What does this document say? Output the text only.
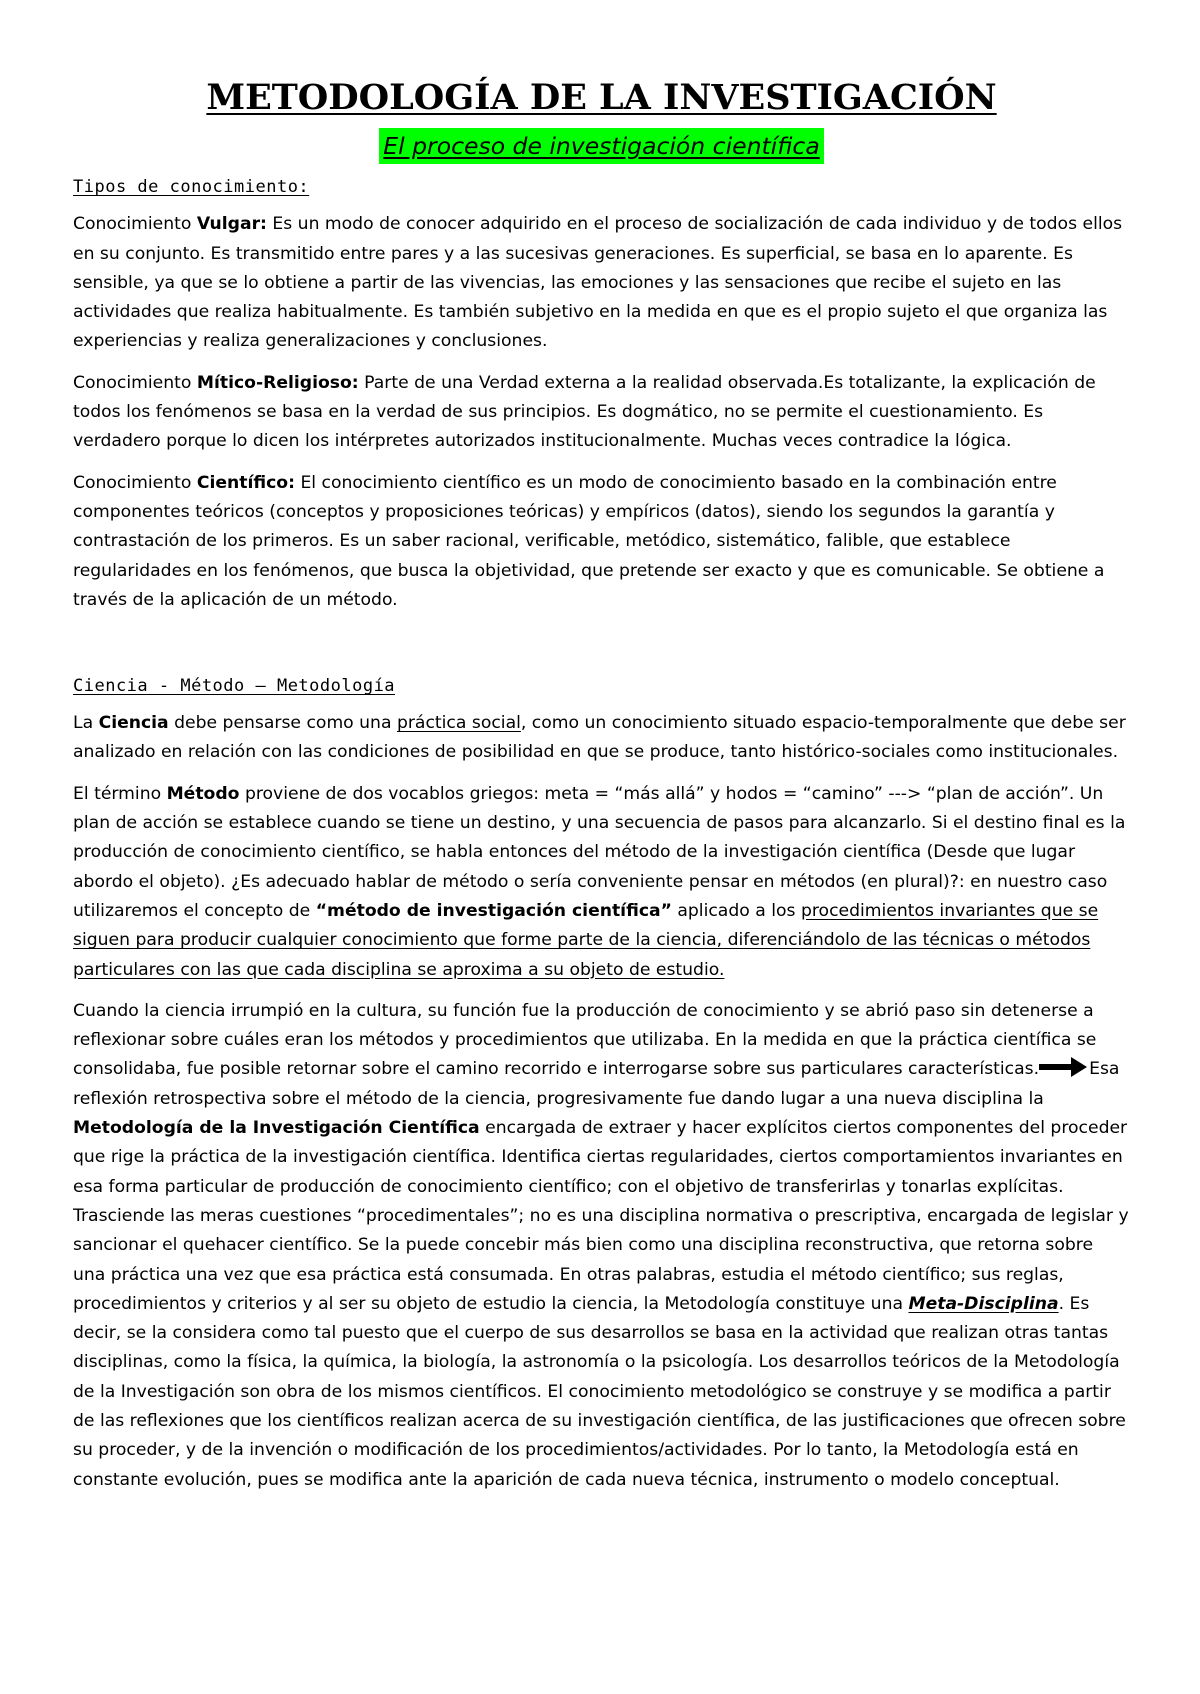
METODOLOGÍA DE LA INVESTIGACIÓN
El proceso de investigación científica
Tipos de conocimiento:

Conocimiento Vulgar: Es un modo de conocer adquirido en el proceso de socialización de cada individuo y de todos ellos en su conjunto. Es transmitido entre pares y a las sucesivas generaciones. Es superficial, se basa en lo aparente. Es sensible, ya que se lo obtiene a partir de las vivencias, las emociones y las sensaciones que recibe el sujeto en las actividades que realiza habitualmente. Es también subjetivo en la medida en que es el propio sujeto el que organiza las experiencias y realiza generalizaciones y conclusiones.

Conocimiento Mítico-Religioso: Parte de una Verdad externa a la realidad observada.Es totalizante, la explicación de todos los fenómenos se basa en la verdad de sus principios. Es dogmático, no se permite el cuestionamiento. Es verdadero porque lo dicen los intérpretes autorizados institucionalmente. Muchas veces contradice la lógica.

Conocimiento Científico: El conocimiento científico es un modo de conocimiento basado en la combinación entre componentes teóricos (conceptos y proposiciones teóricas) y empíricos (datos), siendo los segundos la garantía y contrastación de los primeros. Es un saber racional, verificable, metódico, sistemático, falible, que establece regularidades en los fenómenos, que busca la objetividad, que pretende ser exacto y que es comunicable. Se obtiene a través de la aplicación de un método.

Ciencia - Método – Metodología

La Ciencia debe pensarse como una práctica social, como un conocimiento situado espacio-temporalmente que debe ser analizado en relación con las condiciones de posibilidad en que se produce, tanto histórico-sociales como institucionales.

El término Método proviene de dos vocablos griegos: meta = “más allá” y hodos = “camino” ---> “plan de acción”. Un plan de acción se establece cuando se tiene un destino, y una secuencia de pasos para alcanzarlo. Si el destino final es la producción de conocimiento científico, se habla entonces del método de la investigación científica (Desde que lugar abordo el objeto). ¿Es adecuado hablar de método o sería conveniente pensar en métodos (en plural)?: en nuestro caso utilizaremos el concepto de “método de investigación científica” aplicado a los procedimientos invariantes que se siguen para producir cualquier conocimiento que forme parte de la ciencia, diferenciándolo de las técnicas o métodos particulares con las que cada disciplina se aproxima a su objeto de estudio.

Cuando la ciencia irrumpió en la cultura, su función fue la producción de conocimiento y se abrió paso sin detenerse a reflexionar sobre cuáles eran los métodos y procedimientos que utilizaba. En la medida en que la práctica científica se consolidaba, fue posible retornar sobre el camino recorrido e interrogarse sobre sus particulares características.	Esa reflexión retrospectiva sobre el método de la ciencia, progresivamente fue dando lugar a una nueva disciplina la Metodología de la Investigación Científica encargada de extraer y hacer explícitos ciertos componentes del proceder que rige la práctica de la investigación científica. Identifica ciertas regularidades, ciertos comportamientos invariantes en esa forma particular de producción de conocimiento científico; con el objetivo de transferirlas y tonarlas explícitas. Trasciende las meras cuestiones “procedimentales”; no es una disciplina normativa o prescriptiva, encargada de legislar y sancionar el quehacer científico. Se la puede concebir más bien como una disciplina reconstructiva, que retorna sobre una práctica una vez que esa práctica está consumada. En otras palabras, estudia el método científico; sus reglas, procedimientos y criterios y al ser su objeto de estudio la ciencia, la Metodología constituye una Meta-Disciplina. Es decir, se la considera como tal puesto que el cuerpo de sus desarrollos se basa en la actividad que realizan otras tantas disciplinas, como la física, la química, la biología, la astronomía o la psicología. Los desarrollos teóricos de la Metodología de la Investigación son obra de los mismos científicos. El conocimiento metodológico se construye y se modifica a partir de las reflexiones que los científicos realizan acerca de su investigación científica, de las justificaciones que ofrecen sobre su proceder, y de la invención o modificación de los procedimientos/actividades. Por lo tanto, la Metodología está en constante evolución, pues se modifica ante la aparición de cada nueva técnica, instrumento o modelo conceptual.
